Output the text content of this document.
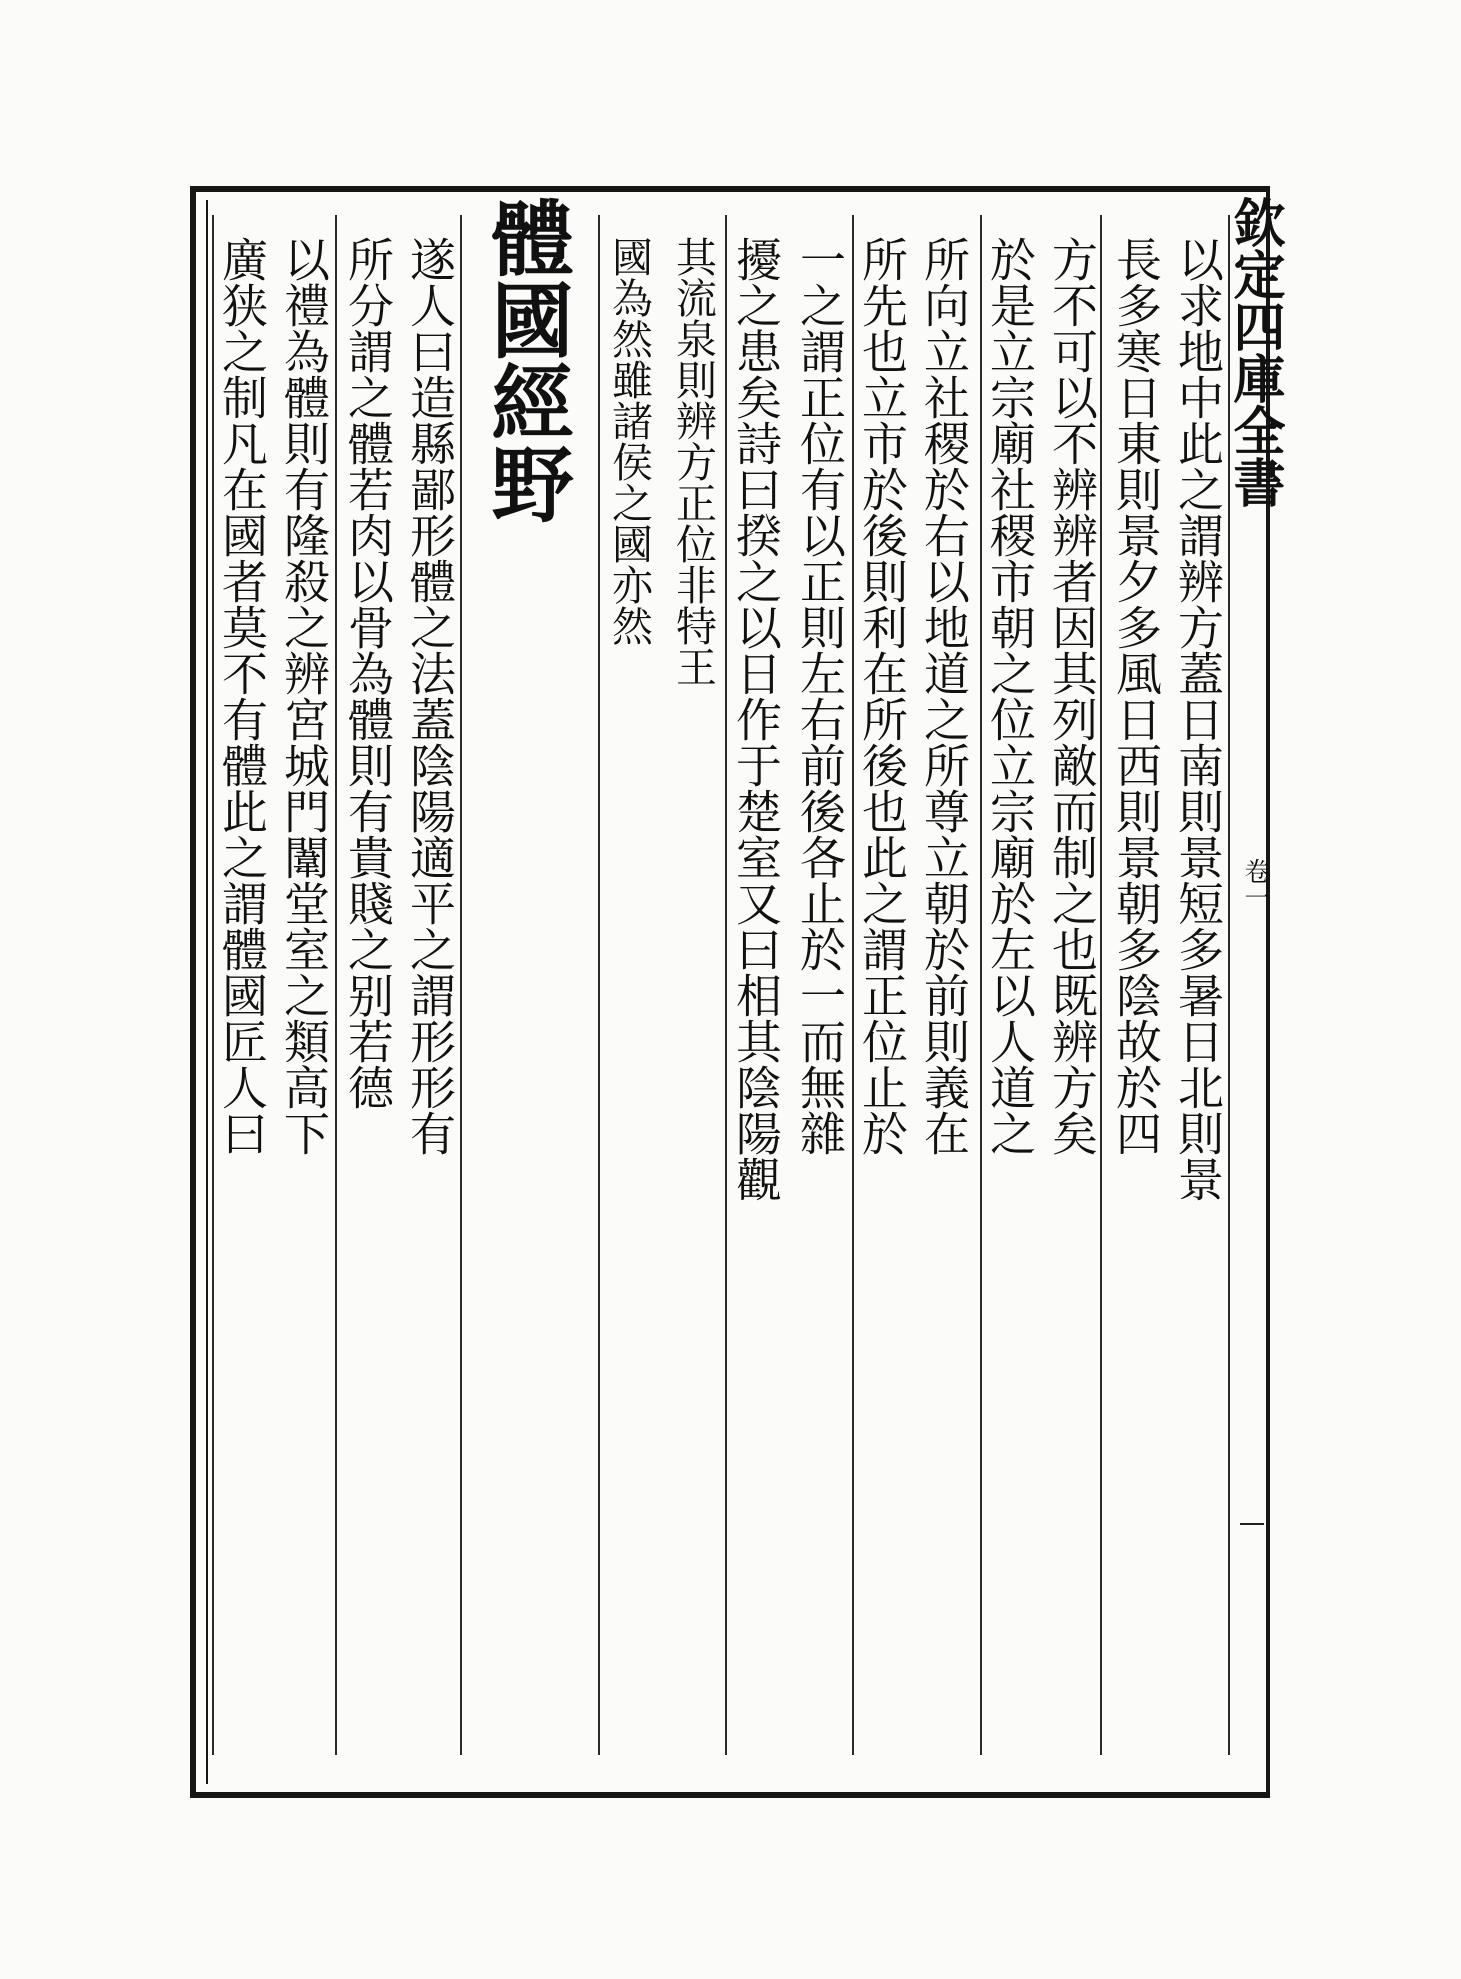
欽定四庫全書
卷一
以求地中此之謂辨方蓋日南則景短多暑日北則景
長多寒日東則景夕多風日西則景朝多陰故於四
方不可以不辨辨者因其列敵而制之也既辨方矣
於是立宗廟社稷市朝之位立宗廟於左以人道之
所向立社稷於右以地道之所尊立朝於前則義在
所先也立市於後則利在所後也此之謂正位止於
一之謂正位有以正則左右前後各止於一而無雜
擾之患矣詩曰揆之以日作于楚室又曰相其陰陽觀
其流泉則辨方正位非特王
國為然雖諸侯之國亦然
體國經野
遂人曰造縣鄙形體之法蓋陰陽適平之謂形形有
所分謂之體若肉以骨為體則有貴賤之别若德
以禮為體則有隆殺之辨宮城門闈堂室之類高下
廣狭之制凡在國者莫不有體此之謂體國匠人曰
